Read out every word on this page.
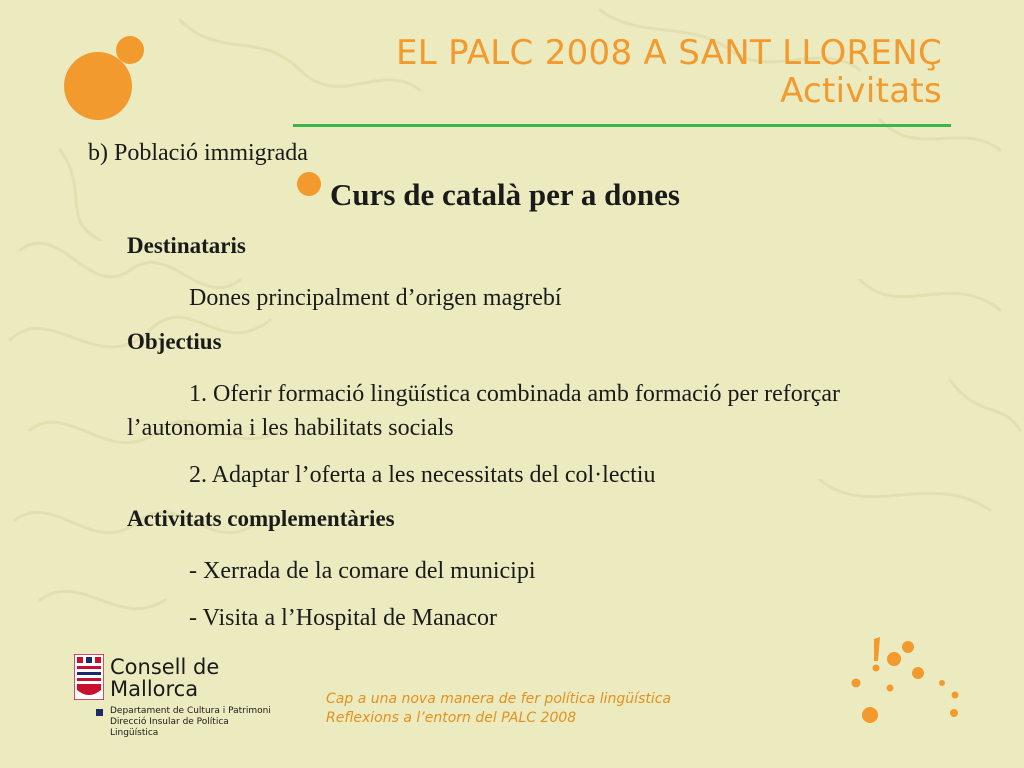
EL PALC 2008 A SANT LLORENÇ
Activitats
b) Població immigrada
Curs de català per a dones
Destinataris
Dones principalment d’origen magrebí
Objectius
1. Oferir formació lingüística combinada amb formació per reforçar l’autonomia i les habilitats socials
2. Adaptar l’oferta a les necessitats del col·lectiu
Activitats complementàries
- Xerrada de la comare del municipi
- Visita a l’Hospital de Manacor
Consell de
Mallorca
Departament de Cultura i Patrimoni
Direcció Insular de Política Lingüística
Cap a una nova manera de fer política lingüística
Reflexions a l’entorn del PALC 2008
